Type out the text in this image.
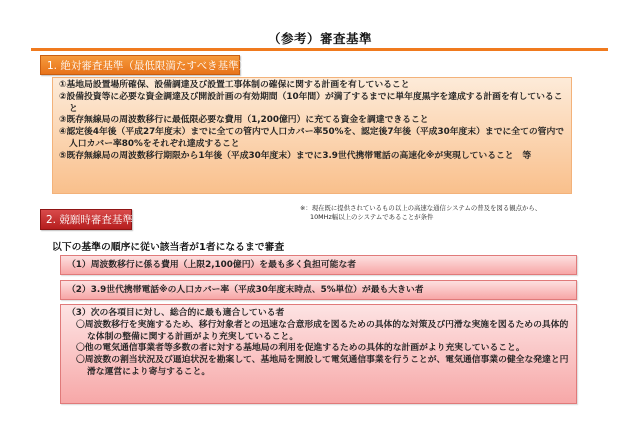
（参考）審査基準
1. 絶対審査基準（最低限満たすべき基準）
①基地局設置場所確保、設備調達及び設置工事体制の確保に関する計画を有していること
②設備投資等に必要な資金調達及び開設計画の有効期間（10年間）が満了するまでに単年度黒字を達成する計画を有していること
③既存無線局の周波数移行に最低限必要な費用（1,200億円）に充てる資金を調達できること
④認定後4年後（平成27年度末）までに全ての管内で人口カバー率50%を、認定後7年後（平成30年度末）までに全ての管内で人口カバー率80%をそれぞれ達成すること
⑤既存無線局の周波数移行期限から1年後（平成30年度末）までに3.9世代携帯電話の高速化※が実現していること　等
※：現在既に提供されているもの以上の高速な通信システムの普及を図る観点から、
10MHz幅以上のシステムであることが条件
2. 競願時審査基準
以下の基準の順序に従い該当者が1者になるまで審査
（1）周波数移行に係る費用（上限2,100億円）を最も多く負担可能な者
（2）3.9世代携帯電話※の人口カバー率（平成30年度末時点、5%単位）が最も大きい者
（3）次の各項目に対し、総合的に最も適合している者
〇周波数移行を実施するため、移行対象者との迅速な合意形成を図るための具体的な対策及び円滑な実施を図るための具体的な体制の整備に関する計画がより充実していること。
〇他の電気通信事業者等多数の者に対する基地局の利用を促進するための具体的な計画がより充実していること。
〇周波数の割当状況及び逼迫状況を勘案して、基地局を開設して電気通信事業を行うことが、電気通信事業の健全な発達と円滑な運営により寄与すること。
